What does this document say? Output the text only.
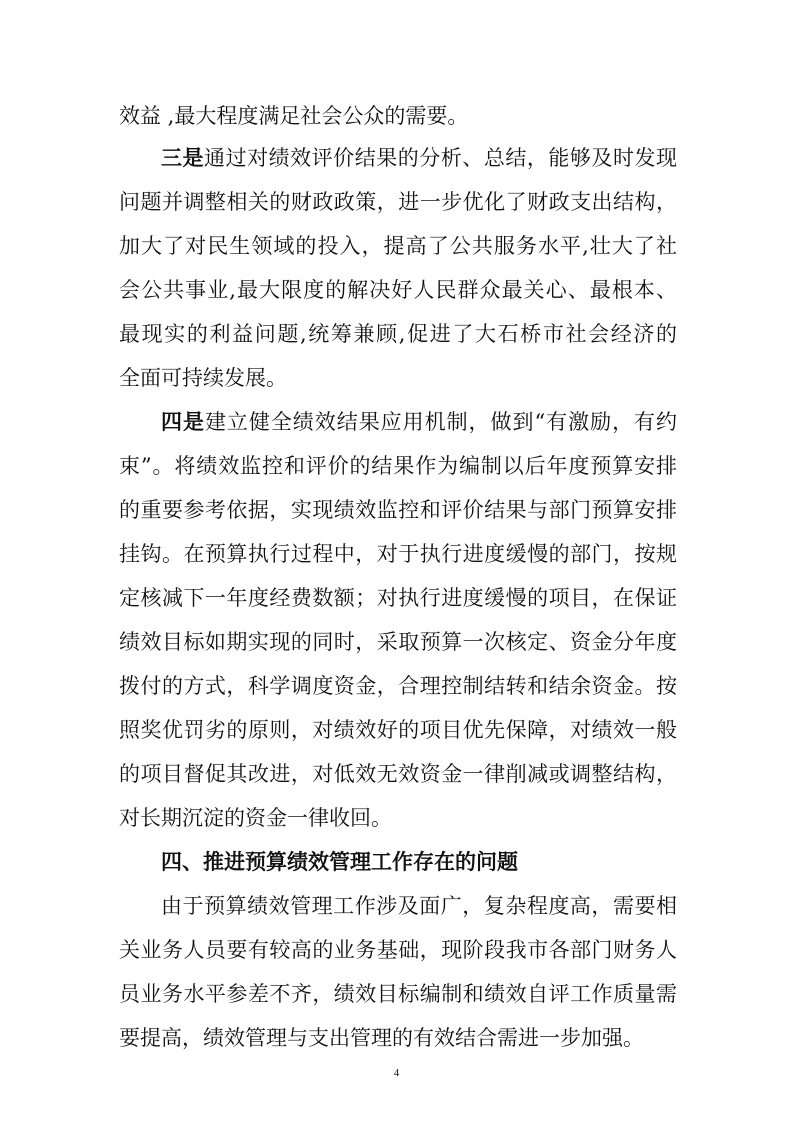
效益 ,最大程度满足社会公众的需要。
三是通过对绩效评价结果的分析、总结，能够及时发现
问题并调整相关的财政政策，进一步优化了财政支出结构，
加大了对民生领域的投入，提高了公共服务水平,壮大了社
会公共事业,最大限度的解决好人民群众最关心、最根本、
最现实的利益问题,统筹兼顾,促进了大石桥市社会经济的
全面可持续发展。
四是建立健全绩效结果应用机制，做到“有激励，有约
束”。将绩效监控和评价的结果作为编制以后年度预算安排
的重要参考依据，实现绩效监控和评价结果与部门预算安排
挂钩。在预算执行过程中，对于执行进度缓慢的部门，按规
定核减下一年度经费数额；对执行进度缓慢的项目，在保证
绩效目标如期实现的同时，采取预算一次核定、资金分年度
拨付的方式，科学调度资金，合理控制结转和结余资金。按
照奖优罚劣的原则，对绩效好的项目优先保障，对绩效一般
的项目督促其改进，对低效无效资金一律削减或调整结构，
对长期沉淀的资金一律收回。
四、推进预算绩效管理工作存在的问题
由于预算绩效管理工作涉及面广，复杂程度高，需要相
关业务人员要有较高的业务基础，现阶段我市各部门财务人
员业务水平参差不齐，绩效目标编制和绩效自评工作质量需
要提高，绩效管理与支出管理的有效结合需进一步加强。
4
